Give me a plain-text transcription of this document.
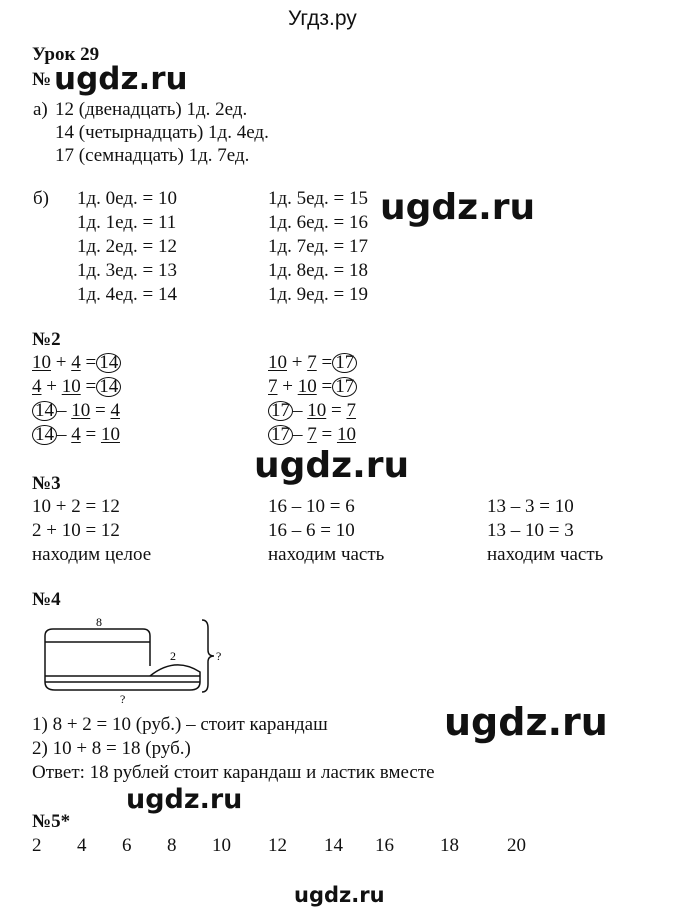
Угдз.ру
Урок 29
№ ugdz.ru
а) 12 (двенадцать) 1д. 2ед.
14 (четырнадцать) 1д. 4ед.
17 (семнадцать) 1д. 7ед.
б) 1д. 0ед. = 10
1д. 1ед. = 11
1д. 2ед. = 12
1д. 3ед. = 13
1д. 4ед. = 14
1д. 5ед. = 15
1д. 6ед. = 16
1д. 7ед. = 17
1д. 8ед. = 18
1д. 9ед. = 19
ugdz.ru
№2
10 + 4 = 14
4 + 10 = 14
14 – 10 = 4
14 – 4 = 10
10 + 7 = 17
7 + 10 = 17
17 – 10 = 7
17 – 7 = 10
ugdz.ru
№3
10 + 2 = 12
2 + 10 = 12
находим целое
16 – 10 = 6
16 – 6 = 10
находим часть
13 – 3 = 10
13 – 10 = 3
находим часть
№4
8
2
?
?
1) 8 + 2 = 10 (руб.) – стоит карандаш
2) 10 + 8 = 18 (руб.)
Ответ: 18 рублей стоит карандаш и ластик вместе
ugdz.ru
ugdz.ru
№5*
2 4 6 8 10 12 14 16 18	20
ugdz.ru
